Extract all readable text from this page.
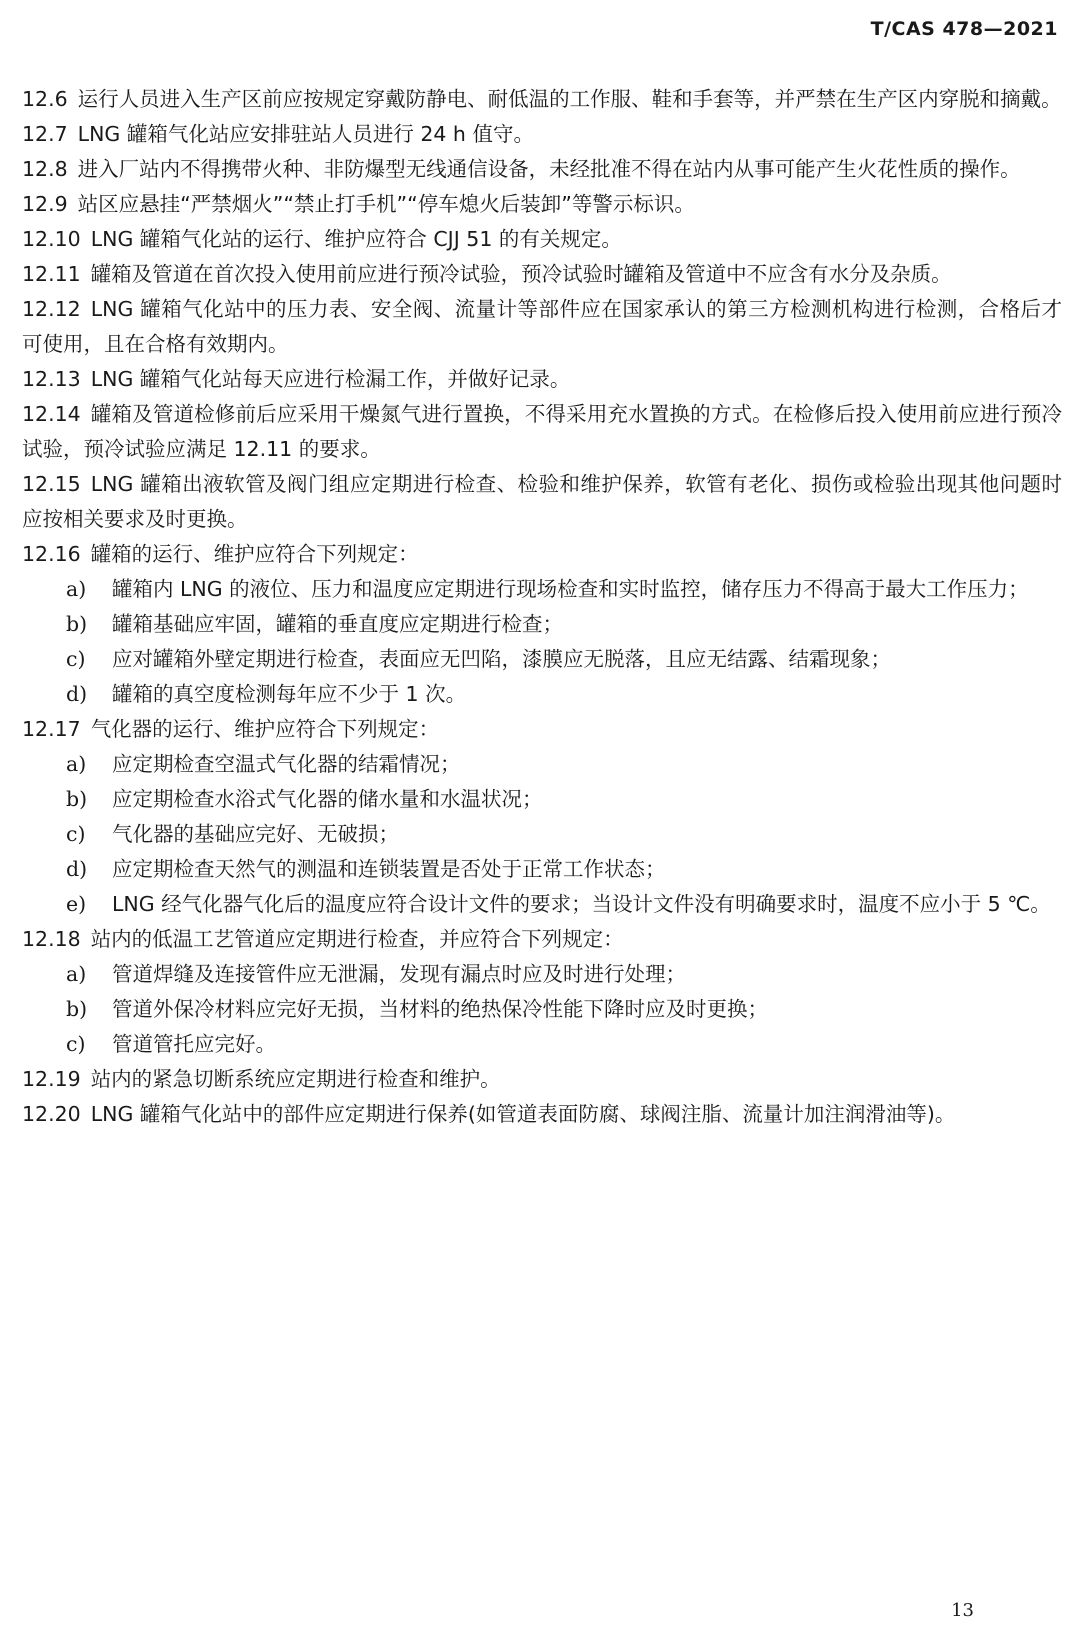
T/CAS 478—2021

12.6 运行人员进入生产区前应按规定穿戴防静电、耐低温的工作服、鞋和手套等，并严禁在生产区内穿脱和摘戴。

12.7 LNG 罐箱气化站应安排驻站人员进行 24 h 值守。

12.8 进入厂站内不得携带火种、非防爆型无线通信设备，未经批准不得在站内从事可能产生火花性质的操作。

12.9 站区应悬挂“严禁烟火”“禁止打手机”“停车熄火后装卸”等警示标识。

12.10 LNG 罐箱气化站的运行、维护应符合 CJJ 51 的有关规定。

12.11 罐箱及管道在首次投入使用前应进行预冷试验，预冷试验时罐箱及管道中不应含有水分及杂质。

12.12 LNG 罐箱气化站中的压力表、安全阀、流量计等部件应在国家承认的第三方检测机构进行检测，合格后才可使用，且在合格有效期内。

12.13 LNG 罐箱气化站每天应进行检漏工作，并做好记录。

12.14 罐箱及管道检修前后应采用干燥氮气进行置换，不得采用充水置换的方式。在检修后投入使用前应进行预冷试验，预冷试验应满足 12.11 的要求。

12.15 LNG 罐箱出液软管及阀门组应定期进行检查、检验和维护保养，软管有老化、损伤或检验出现其他问题时应按相关要求及时更换。

12.16 罐箱的运行、维护应符合下列规定：

a) 罐箱内 LNG 的液位、压力和温度应定期进行现场检查和实时监控，储存压力不得高于最大工作压力；

b) 罐箱基础应牢固，罐箱的垂直度应定期进行检查；

c) 应对罐箱外壁定期进行检查，表面应无凹陷，漆膜应无脱落，且应无结露、结霜现象；

d) 罐箱的真空度检测每年应不少于 1 次。

12.17 气化器的运行、维护应符合下列规定：

a) 应定期检查空温式气化器的结霜情况；

b) 应定期检查水浴式气化器的储水量和水温状况；

c) 气化器的基础应完好、无破损；

d) 应定期检查天然气的测温和连锁装置是否处于正常工作状态；

e) LNG 经气化器气化后的温度应符合设计文件的要求；当设计文件没有明确要求时，温度不应小于 5 ℃。

12.18 站内的低温工艺管道应定期进行检查，并应符合下列规定：

a) 管道焊缝及连接管件应无泄漏，发现有漏点时应及时进行处理；

b) 管道外保冷材料应完好无损，当材料的绝热保冷性能下降时应及时更换；

c) 管道管托应完好。

12.19 站内的紧急切断系统应定期进行检查和维护。

12.20 LNG 罐箱气化站中的部件应定期进行保养(如管道表面防腐、球阀注脂、流量计加注润滑油等)。

13
